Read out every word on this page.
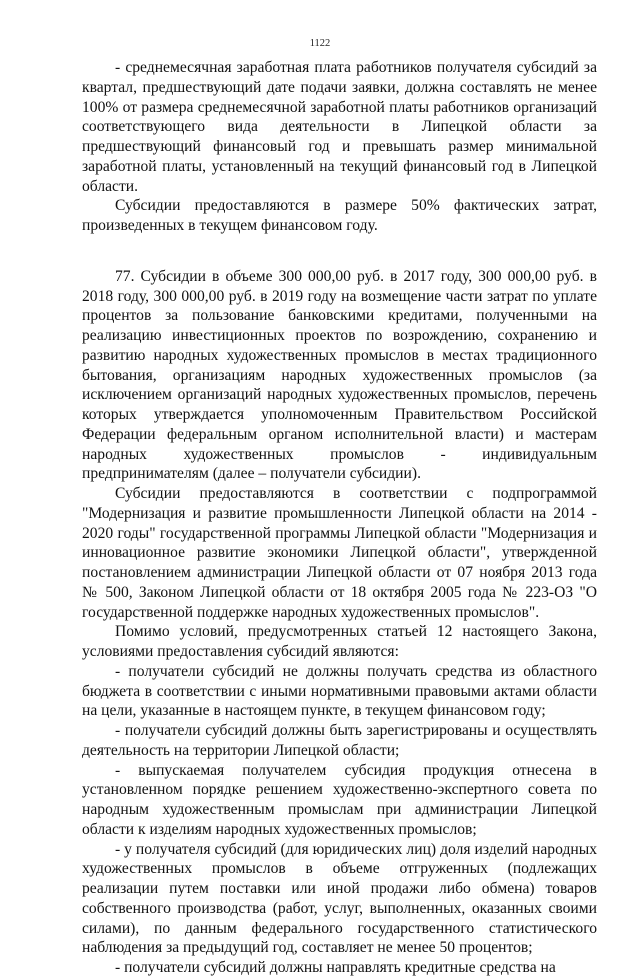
1122

- среднемесячная заработная плата работников получателя субсидий за квартал, предшествующий дате подачи заявки, должна составлять не менее 100% от размера среднемесячной заработной платы работников организаций соответствующего вида деятельности в Липецкой области за предшествующий финансовый год и превышать размер минимальной заработной платы, установленный на текущий финансовый год в Липецкой области.

Субсидии предоставляются в размере 50% фактических затрат, произведенных в текущем финансовом году.

77. Субсидии в объеме 300 000,00 руб. в 2017 году, 300 000,00 руб. в 2018 году, 300 000,00 руб. в 2019 году на возмещение части затрат по уплате процентов за пользование банковскими кредитами, полученными на реализацию инвестиционных проектов по возрождению, сохранению и развитию народных художественных промыслов в местах традиционного бытования, организациям народных художественных промыслов (за исключением организаций народных художественных промыслов, перечень которых утверждается уполномоченным Правительством Российской Федерации федеральным органом исполнительной власти) и мастерам народных художественных промыслов - индивидуальным предпринимателям (далее – получатели субсидии).

Субсидии предоставляются в соответствии с подпрограммой "Модернизация и развитие промышленности Липецкой области на 2014 - 2020 годы" государственной программы Липецкой области "Модернизация и инновационное развитие экономики Липецкой области", утвержденной постановлением администрации Липецкой области от 07 ноября 2013 года № 500, Законом Липецкой области от 18 октября 2005 года № 223-ОЗ "О государственной поддержке народных художественных промыслов".

Помимо условий, предусмотренных статьей 12 настоящего Закона, условиями предоставления субсидий являются:

- получатели субсидий не должны получать средства из областного бюджета в соответствии с иными нормативными правовыми актами области на цели, указанные в настоящем пункте, в текущем финансовом году;

- получатели субсидий должны быть зарегистрированы и осуществлять деятельность на территории Липецкой области;

- выпускаемая получателем субсидия продукция отнесена в установленном порядке решением художественно-экспертного совета по народным художественным промыслам при администрации Липецкой области к изделиям народных художественных промыслов;

- у получателя субсидий (для юридических лиц) доля изделий народных художественных промыслов в объеме отгруженных (подлежащих реализации путем поставки или иной продажи либо обмена) товаров собственного производства (работ, услуг, выполненных, оказанных своими силами), по данным федерального государственного статистического наблюдения за предыдущий год, составляет не менее 50 процентов;

- получатели субсидий должны направлять кредитные средства на
